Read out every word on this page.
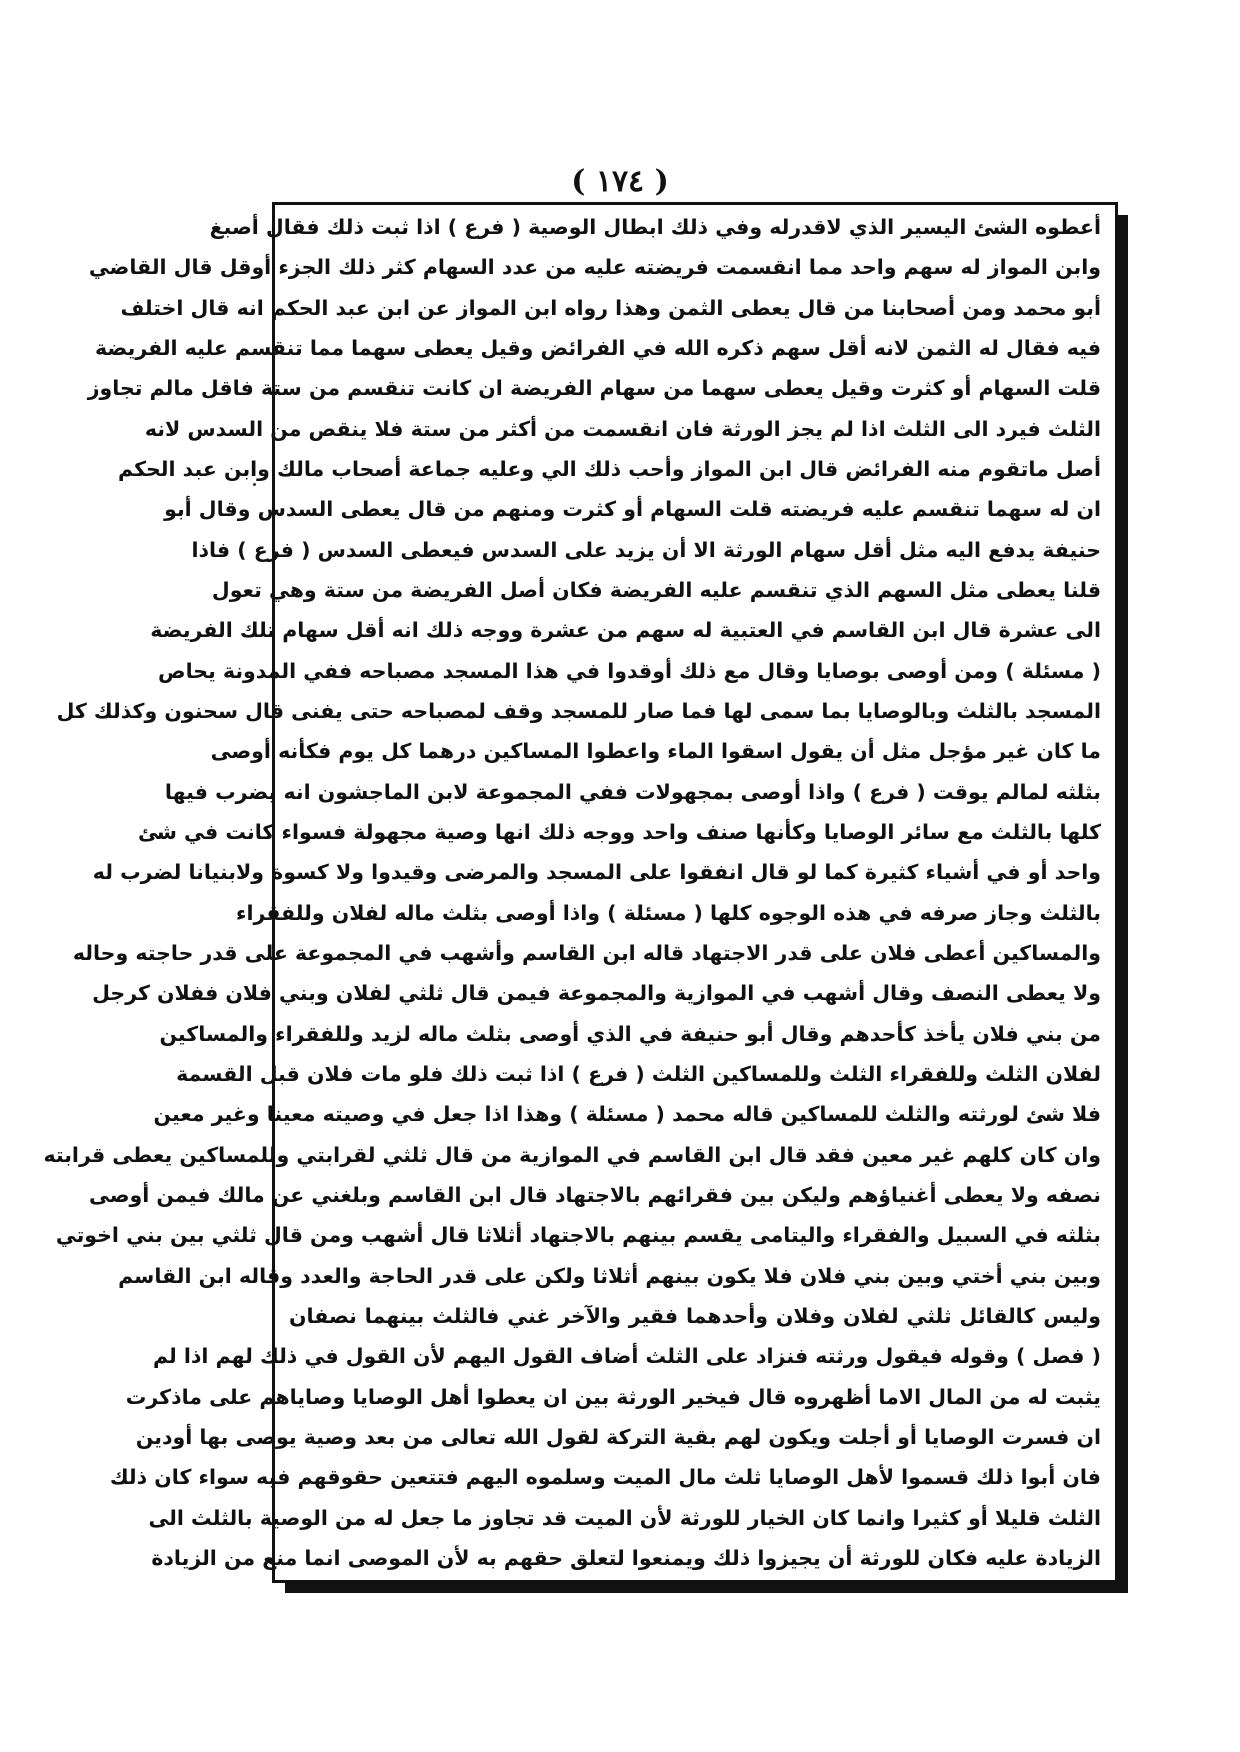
( ١٧٤ )
أعطوه الشئ اليسير الذي لاقدرله وفي ذلك ابطال الوصية ( فرع ) اذا ثبت ذلك فقال أصبغ
وابن المواز له سهم واحد مما انقسمت فريضته عليه من عدد السهام كثر ذلك الجزء أوقل قال القاضي
أبو محمد ومن أصحابنا من قال يعطى الثمن وهذا رواه ابن المواز عن ابن عبد الحكم انه قال اختلف
فيه فقال له الثمن لانه أقل سهم ذكره الله في الفرائض وقيل يعطى سهما مما تنقسم عليه الفريضة
قلت السهام أو كثرت وقيل يعطى سهما من سهام الفريضة ان كانت تنقسم من ستة فاقل مالم تجاوز
الثلث فيرد الى الثلث اذا لم يجز الورثة فان انقسمت من أكثر من ستة فلا ينقص من السدس لانه
أصل ماتقوم منه الفرائض قال ابن المواز وأحب ذلك الي وعليه جماعة أصحاب مالك وابن عبد الحكم
ان له سهما تنقسم عليه فريضته قلت السهام أو كثرت ومنهم من قال يعطى السدس وقال أبو
حنيفة يدفع اليه مثل أقل سهام الورثة الا أن يزيد على السدس فيعطى السدس ( فرع ) فاذا
قلنا يعطى مثل السهم الذي تنقسم عليه الفريضة فكان أصل الفريضة من ستة وهي تعول
الى عشرة قال ابن القاسم في العتبية له سهم من عشرة ووجه ذلك انه أقل سهام تلك الفريضة
( مسئلة ) ومن أوصى بوصايا وقال مع ذلك أوقدوا في هذا المسجد مصباحه ففي المدونة يحاص
المسجد بالثلث وبالوصايا بما سمى لها فما صار للمسجد وقف لمصباحه حتى يفنى قال سحنون وكذلك كل
ما كان غير مؤجل مثل أن يقول اسقوا الماء واعطوا المساكين درهما كل يوم فكأنه أوصى
بثلثه لمالم يوقت ( فرع ) واذا أوصى بمجهولات ففي المجموعة لابن الماجشون انه يضرب فيها
كلها بالثلث مع سائر الوصايا وكأنها صنف واحد ووجه ذلك انها وصية مجهولة فسواء كانت في شئ
واحد أو في أشياء كثيرة كما لو قال انفقوا على المسجد والمرضى وقيدوا ولا كسوة ولابنيانا لضرب له
بالثلث وجاز صرفه في هذه الوجوه كلها ( مسئلة ) واذا أوصى بثلث ماله لفلان وللفقراء
والمساكين أعطى فلان على قدر الاجتهاد قاله ابن القاسم وأشهب في المجموعة على قدر حاجته وحاله
ولا يعطى النصف وقال أشهب في الموازية والمجموعة فيمن قال ثلثي لفلان وبني فلان ففلان كرجل
من بني فلان يأخذ كأحدهم وقال أبو حنيفة في الذي أوصى بثلث ماله لزيد وللفقراء والمساكين
لفلان الثلث وللفقراء الثلث وللمساكين الثلث ( فرع ) اذا ثبت ذلك فلو مات فلان قبل القسمة
فلا شئ لورثته والثلث للمساكين قاله محمد ( مسئلة ) وهذا اذا جعل في وصيته معينا وغير معين
وان كان كلهم غير معين فقد قال ابن القاسم في الموازية من قال ثلثي لقرابتي وللمساكين يعطى قرابته
نصفه ولا يعطى أغنياؤهم وليكن بين فقرائهم بالاجتهاد قال ابن القاسم وبلغني عن مالك فيمن أوصى
بثلثه في السبيل والفقراء واليتامى يقسم بينهم بالاجتهاد أثلاثا قال أشهب ومن قال ثلثي بين بني اخوتي
وبين بني أختي وبين بني فلان فلا يكون بينهم أثلاثا ولكن على قدر الحاجة والعدد وقاله ابن القاسم
وليس كالقائل ثلثي لفلان وفلان وأحدهما فقير والآخر غني فالثلث بينهما نصفان
( فصل ) وقوله فيقول ورثته فنزاد على الثلث أضاف القول اليهم لأن القول في ذلك لهم اذا لم
يثبت له من المال الاما أظهروه قال فيخير الورثة بين ان يعطوا أهل الوصايا وصاياهم على ماذكرت
ان فسرت الوصايا أو أجلت ويكون لهم بقية التركة لقول الله تعالى من بعد وصية يوصى بها أودين
فان أبوا ذلك قسموا لأهل الوصايا ثلث مال الميت وسلموه اليهم فتتعين حقوقهم فيه سواء كان ذلك
الثلث قليلا أو كثيرا وانما كان الخيار للورثة لأن الميت قد تجاوز ما جعل له من الوصية بالثلث الى
الزيادة عليه فكان للورثة أن يجيزوا ذلك ويمنعوا لتعلق حقهم به لأن الموصى انما منع من الزيادة
